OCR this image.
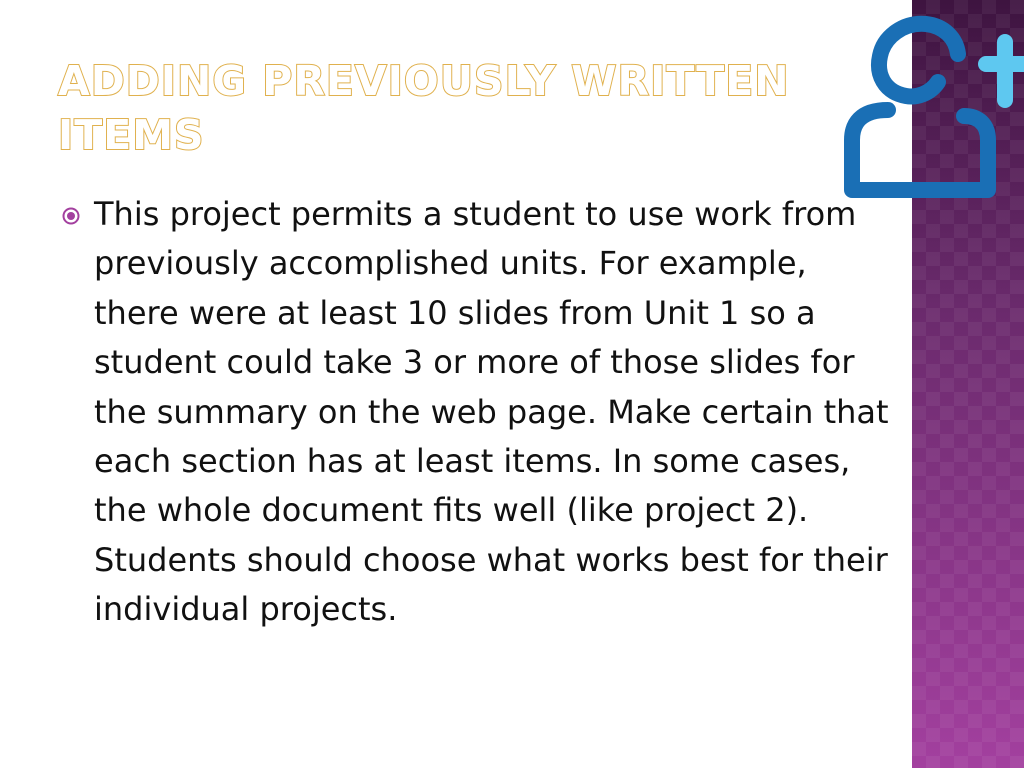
ADDING PREVIOUSLY WRITTEN ITEMS
This project permits a student to use work from previously accomplished units. For example, there were at least 10 slides from Unit 1 so a student could take 3 or more of those slides for the summary on the web page. Make certain that each section has at least items. In some cases, the whole document fits well (like project 2). Students should choose what works best for their individual projects.
